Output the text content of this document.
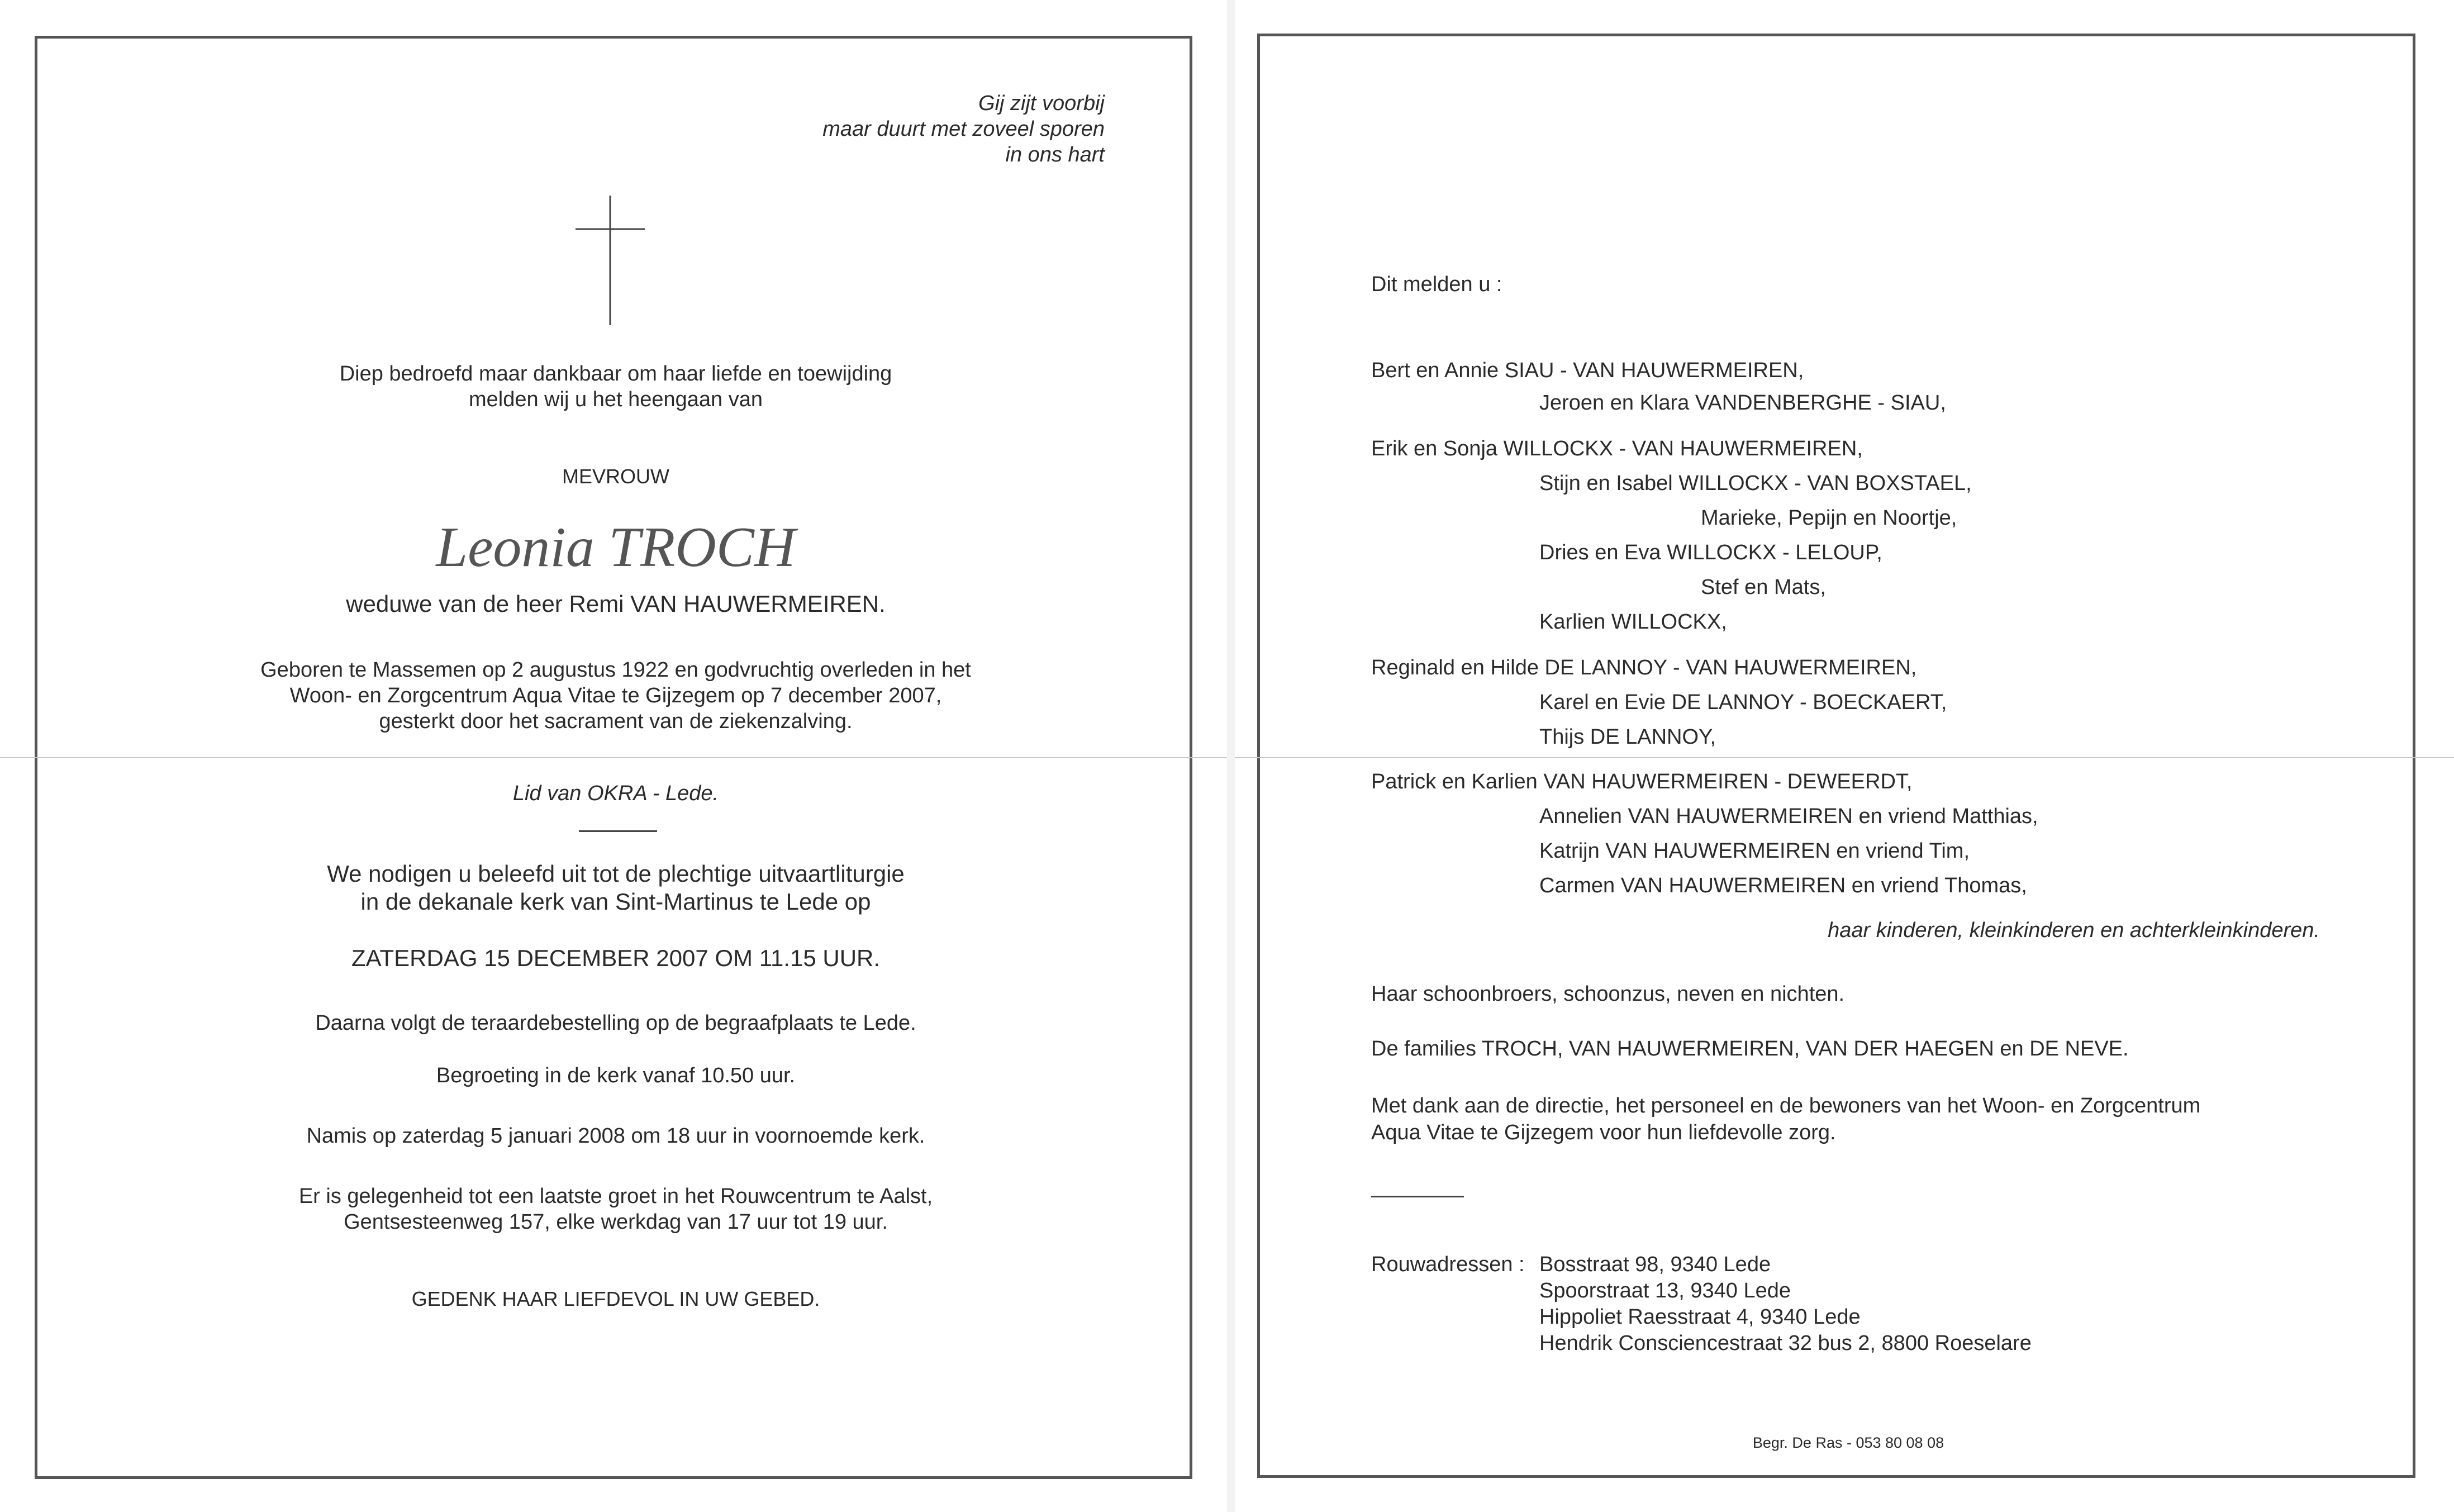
Gij zijt voorbij
maar duurt met zoveel sporen
in ons hart
Diep bedroefd maar dankbaar om haar liefde en toewijding
melden wij u het heengaan van
MEVROUW
Leonia TROCH
weduwe van de heer Remi VAN HAUWERMEIREN.
Geboren te Massemen op 2 augustus 1922 en godvruchtig overleden in het
Woon- en Zorgcentrum Aqua Vitae te Gijzegem op 7 december 2007,
gesterkt door het sacrament van de ziekenzalving.
Lid van OKRA - Lede.
We nodigen u beleefd uit tot de plechtige uitvaartliturgie
in de dekanale kerk van Sint-Martinus te Lede op
ZATERDAG 15 DECEMBER 2007 OM 11.15 UUR.
Daarna volgt de teraardebestelling op de begraafplaats te Lede.
Begroeting in de kerk vanaf 10.50 uur.
Namis op zaterdag 5 januari 2008 om 18 uur in voornoemde kerk.
Er is gelegenheid tot een laatste groet in het Rouwcentrum te Aalst,
Gentsesteenweg 157, elke werkdag van 17 uur tot 19 uur.
GEDENK HAAR LIEFDEVOL IN UW GEBED.
Dit melden u :
Bert en Annie SIAU - VAN HAUWERMEIREN,
Jeroen en Klara VANDENBERGHE - SIAU,
Erik en Sonja WILLOCKX - VAN HAUWERMEIREN,
Stijn en Isabel WILLOCKX - VAN BOXSTAEL,
Marieke, Pepijn en Noortje,
Dries en Eva WILLOCKX - LELOUP,
Stef en Mats,
Karlien WILLOCKX,
Reginald en Hilde DE LANNOY - VAN HAUWERMEIREN,
Karel en Evie DE LANNOY - BOECKAERT,
Thijs DE LANNOY,
Patrick en Karlien VAN HAUWERMEIREN - DEWEERDT,
Annelien VAN HAUWERMEIREN en vriend Matthias,
Katrijn VAN HAUWERMEIREN en vriend Tim,
Carmen VAN HAUWERMEIREN en vriend Thomas,
haar kinderen, kleinkinderen en achterkleinkinderen.
Haar schoonbroers, schoonzus, neven en nichten.
De families TROCH, VAN HAUWERMEIREN, VAN DER HAEGEN en DE NEVE.
Met dank aan de directie, het personeel en de bewoners van het Woon- en Zorgcentrum
Aqua Vitae te Gijzegem voor hun liefdevolle zorg.
Rouwadressen : Bosstraat 98, 9340 Lede
Spoorstraat 13, 9340 Lede
Hippoliet Raesstraat 4, 9340 Lede
Hendrik Consciencestraat 32 bus 2, 8800 Roeselare
Begr. De Ras - 053 80 08 08
